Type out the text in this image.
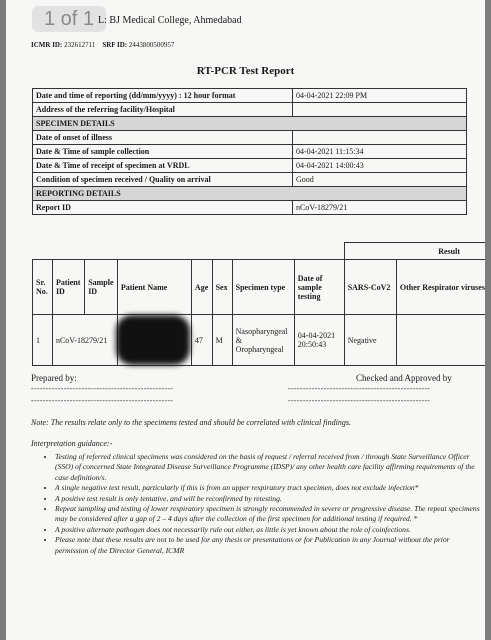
1 of 1 L: BJ Medical College, Ahmedabad
ICMR ID: 232612711 SRF ID: 2443800500957
RT-PCR Test Report
Date and time of reporting (dd/mm/yyyy) : 12 hour format	04-04-2021 22:09 PM
Address of the referring facility/Hospital	
SPECIMEN DETAILS	
Date of onset of illness	
Date & Time of sample collection	04-04-2021 11:15:34
Date & Time of receipt of specimen at VRDL	04-04-2021 14:00:43
Condition of specimen received / Quality on arrival	Good
REPORTING DETAILS	
Report ID	nCoV-18279/21
								Result	
Sr. No.	Patient ID	Sample ID	Patient Name	Age	Sex	Specimen type	Date of sample testing	SARS-CoV2	Other Respirator viruses
1	nCoV-18279/21			47	M	Nasopharyngeal & Oropharyngeal	04-04-2021 20:50:43	Negative	
Prepared by:	Checked and Approved by
------------------------------------------------	------------------------------------------------
------------------------------------------------	------------------------------------------------
Note: The results relate only to the specimens tested and should be correlated with clinical findings.
Interpretation guidance:-
• Testing of referred clinical specimens was considered on the basis of request / referral received from / through State Surveillance Officer (SSO) of concerned State Integrated Disease Surveillance Programme (IDSP)/ any other health care facility affirming requirements of the case definition/s.
• A single negative test result, particularly if this is from an upper respiratory tract specimen, does not exclude infection*
• A positive test result is only tentative, and will be reconfirmed by retesting.
• Repeat sampling and testing of lower respiratory specimen is strongly recommended in severe or progressive disease. The repeat specimens may be considered after a gap of 2 – 4 days after the collection of the first specimen for additional testing if required. *
• A positive alternate pathogen does not necessarily rule out either, as little is yet known about the role of coinfections.
• Please note that these results are not to be used for any thesis or presentations or for Publication in any Journal without the prior permission of the Director General, ICMR
